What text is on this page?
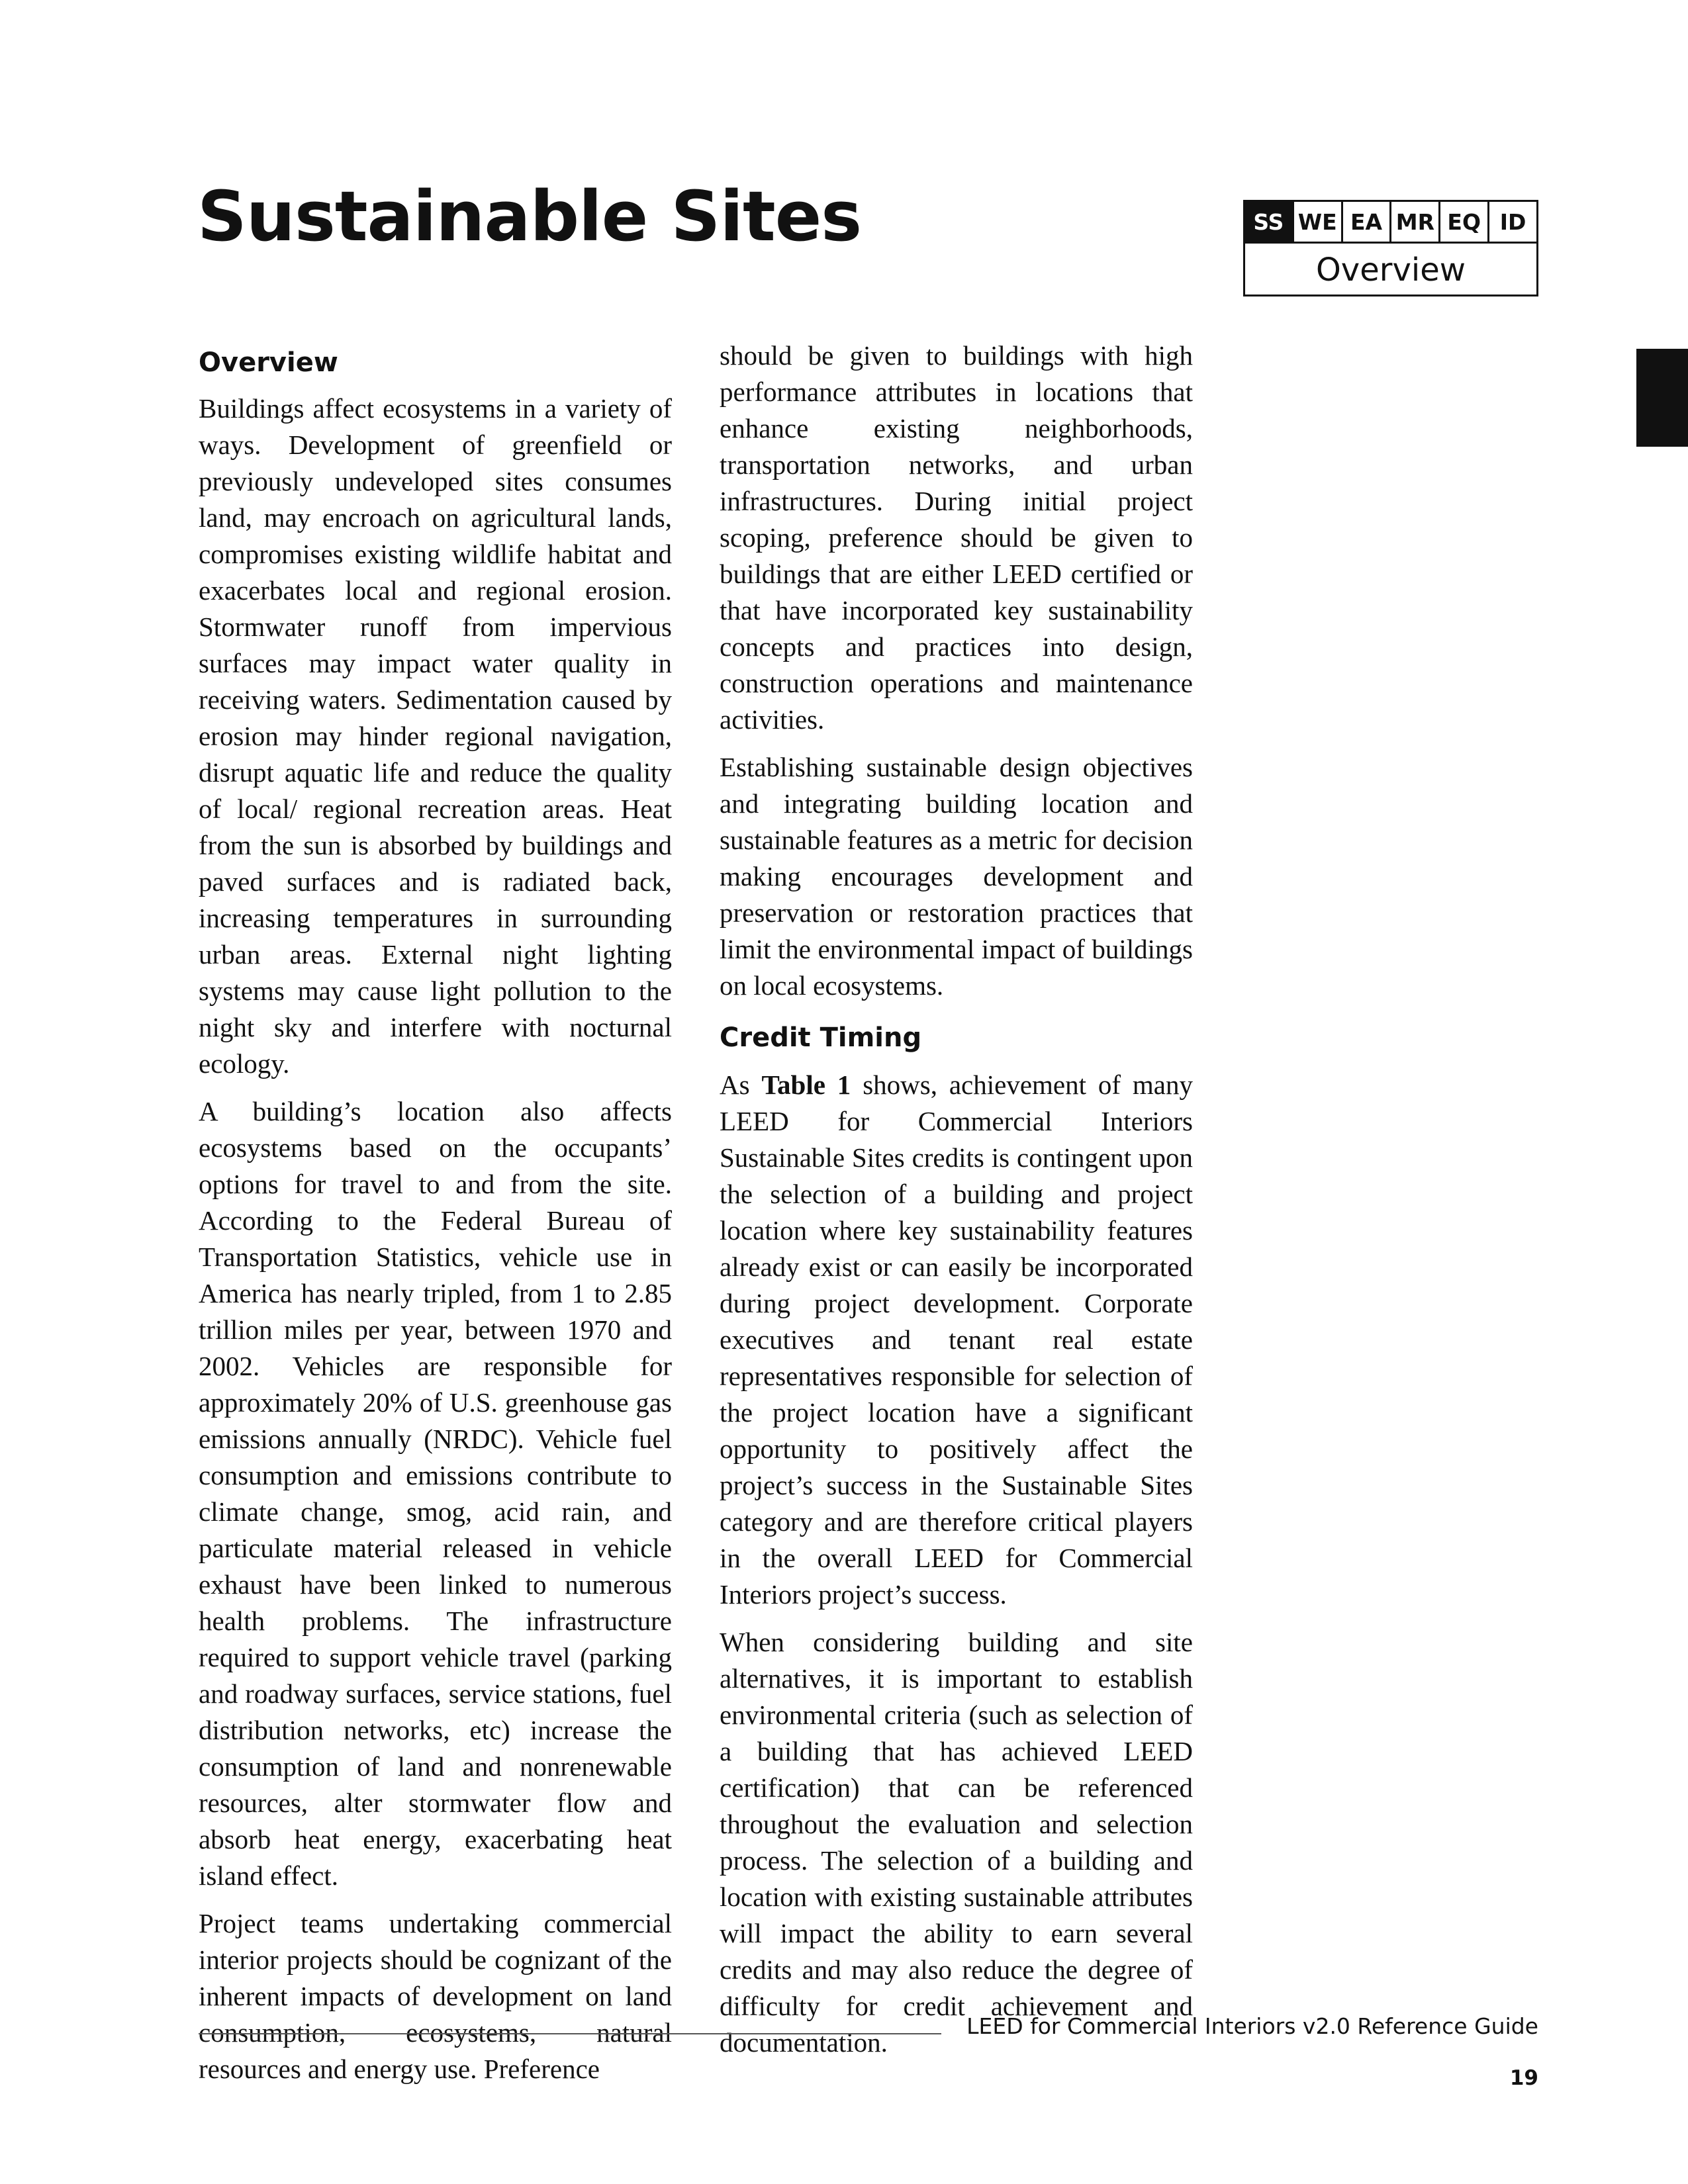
Sustainable Sites	SS WE EA MR EQ ID
Overview
Overview

Buildings affect ecosystems in a variety of ways. Development of greenfield or previously undeveloped sites consumes land, may encroach on agricultural lands, compromises existing wildlife habitat and exacerbates local and regional erosion. Stormwater runoff from impervious surfaces may impact water quality in receiving waters. Sedimentation caused by erosion may hinder regional navigation, disrupt aquatic life and reduce the quality of local/ regional recreation areas. Heat from the sun is absorbed by buildings and paved surfaces and is radiated back, increasing temperatures in surrounding urban areas. External night lighting systems may cause light pollution to the night sky and interfere with nocturnal ecology.

A building’s location also affects ecosystems based on the occupants’ options for travel to and from the site. According to the Federal Bureau of Transportation Statistics, vehicle use in America has nearly tripled, from 1 to 2.85 trillion miles per year, between 1970 and 2002. Vehicles are responsible for approximately 20% of U.S. greenhouse gas emissions annually (NRDC). Vehicle fuel consumption and emissions contribute to climate change, smog, acid rain, and particulate material released in vehicle exhaust have been linked to numerous health problems. The infrastructure required to support vehicle travel (parking and roadway surfaces, service stations, fuel distribution networks, etc) increase the consumption of land and nonrenewable resources, alter stormwater flow and absorb heat energy, exacerbating heat island effect.

Project teams undertaking commercial interior projects should be cognizant of the inherent impacts of development on land consumption, ecosystems, natural resources and energy use. Preference

should be given to buildings with high performance attributes in locations that enhance existing neighborhoods, transportation networks, and urban infrastructures. During initial project scoping, preference should be given to buildings that are either LEED certified or that have incorporated key sustainability concepts and practices into design, construction operations and maintenance activities.

Establishing sustainable design objectives and integrating building location and sustainable features as a metric for decision making encourages development and preservation or restoration practices that limit the environmental impact of buildings on local ecosystems.

Credit Timing

As Table 1 shows, achievement of many LEED for Commercial Interiors Sustainable Sites credits is contingent upon the selection of a building and project location where key sustainability features already exist or can easily be incorporated during project development. Corporate executives and tenant real estate representatives responsible for selection of the project location have a significant opportunity to positively affect the project’s success in the Sustainable Sites category and are therefore critical players in the overall LEED for Commercial Interiors project’s success.

When considering building and site alternatives, it is important to establish environmental criteria (such as selection of a building that has achieved LEED certification) that can be referenced throughout the evaluation and selection process. The selection of a building and location with existing sustainable attributes will impact the ability to earn several credits and may also reduce the degree of difficulty for credit achievement and documentation.

LEED for Commercial Interiors v2.0 Reference Guide
19
